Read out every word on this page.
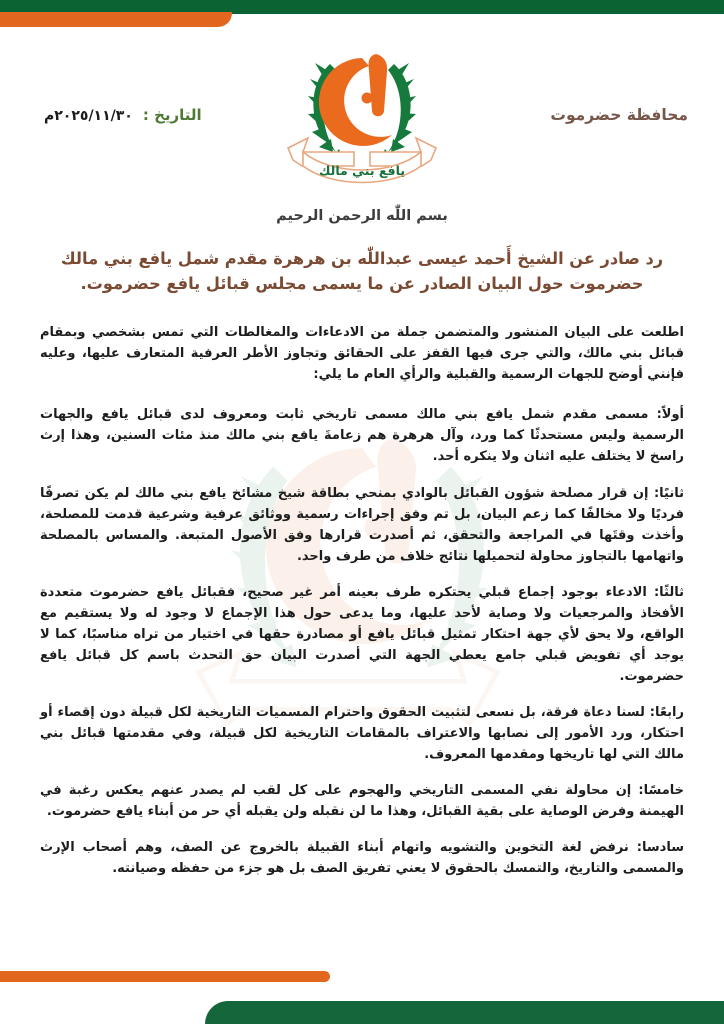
محافظة حضرموت
التاريخ :
٢٠٢٥/١١/٣٠م
يافع بني مالك
بسم اللّٰه الرحمن الرحيم
رد صادر عن الشيخ أَحمد عيسى عبداللّٰه بن هرهرة مقدم شمل يافع بني مالك حضرموت حول البيان الصادر عن ما يسمى مجلس قبائل يافع حضرموت.

اطلعت على البيان المنشور والمتضمن جملة من الادعاءات والمغالطات التي تمس بشخصي وبمقام قبائل بني مالك، والتي جرى فيها القفز على الحقائق وتجاوز الأطر العرفية المتعارف عليها، وعليه فإنني أوضح للجهات الرسمية والقبلية والرأي العام ما يلي:

أولاً: مسمى مقدم شمل يافع بني مالك مسمى تاريخي ثابت ومعروف لدى قبائل يافع والجهات الرسمية وليس مستحدثًا كما ورد، وآل هرهرة هم زعامةَ يافع بني مالك منذ مئات السنين، وهذا إرث راسخ لا يختلف عليه اثنان ولا ينكره أحد.

ثانيًا: إن قرار مصلحة شؤون القبائل بالوادي بمنحي بطاقة شيخ مشائخ يافع بني مالك لم يكن تصرفًا فرديًا ولا مخالفًا كما زعم البيان، بل تم وفق إجراءات رسمية ووثائق عرفية وشرعية قدمت للمصلحة، وأخذت وقتَها في المراجعة والتحقق، ثم أصدرت قرارها وفق الأصول المتبعة. والمساس بالمصلحة واتهامها بالتجاوز محاولة لتحميلها نتائج خلاف من طرف واحد.

ثالثًا: الادعاء بوجود إجماع قبلي يحتكره طرف بعينه أمر غير صحيح، فقبائل يافع حضرموت متعددة الأفخاذ والمرجعيات ولا وصاية لأحد عليها، وما يدعى حول هذا الإجماع لا وجود له ولا يستقيم مع الواقع، ولا يحق لأي جهة احتكار تمثيل قبائل يافع أو مصادرة حقها في اختيار من تراه مناسبًا، كما لا يوجد أي تفويض قبلي جامع يعطي الجهة التي أصدرت البيان حق التحدث باسم كل قبائل يافع حضرموت.

رابعًا: لسنا دعاة فرقة، بل نسعى لتثبيت الحقوق واحترام المسميات التاريخية لكل قبيلة دون إقصاء أو احتكار، ورد الأمور إلى نصابها والاعتراف بالمقامات التاريخية لكل قبيلة، وفي مقدمتها قبائل بني مالك التي لها تاريخها ومقدمها المعروف.

خامسًا: إن محاولة نفي المسمى التاريخي والهجوم على كل لقب لم يصدر عنهم يعكس رغبة في الهيمنة وفرض الوصاية على بقية القبائل، وهذا ما لن نقبله ولن يقبله أي حر من أبناء يافع حضرموت.

سادسا: نرفض لغة التخوين والتشويه واتهام أبناء القبيلة بالخروج عن الصف، وهم أصحاب الإرث والمسمى والتاريخ، والتمسك بالحقوق لا يعني تفريق الصف بل هو جزء من حفظه وصيانته.
